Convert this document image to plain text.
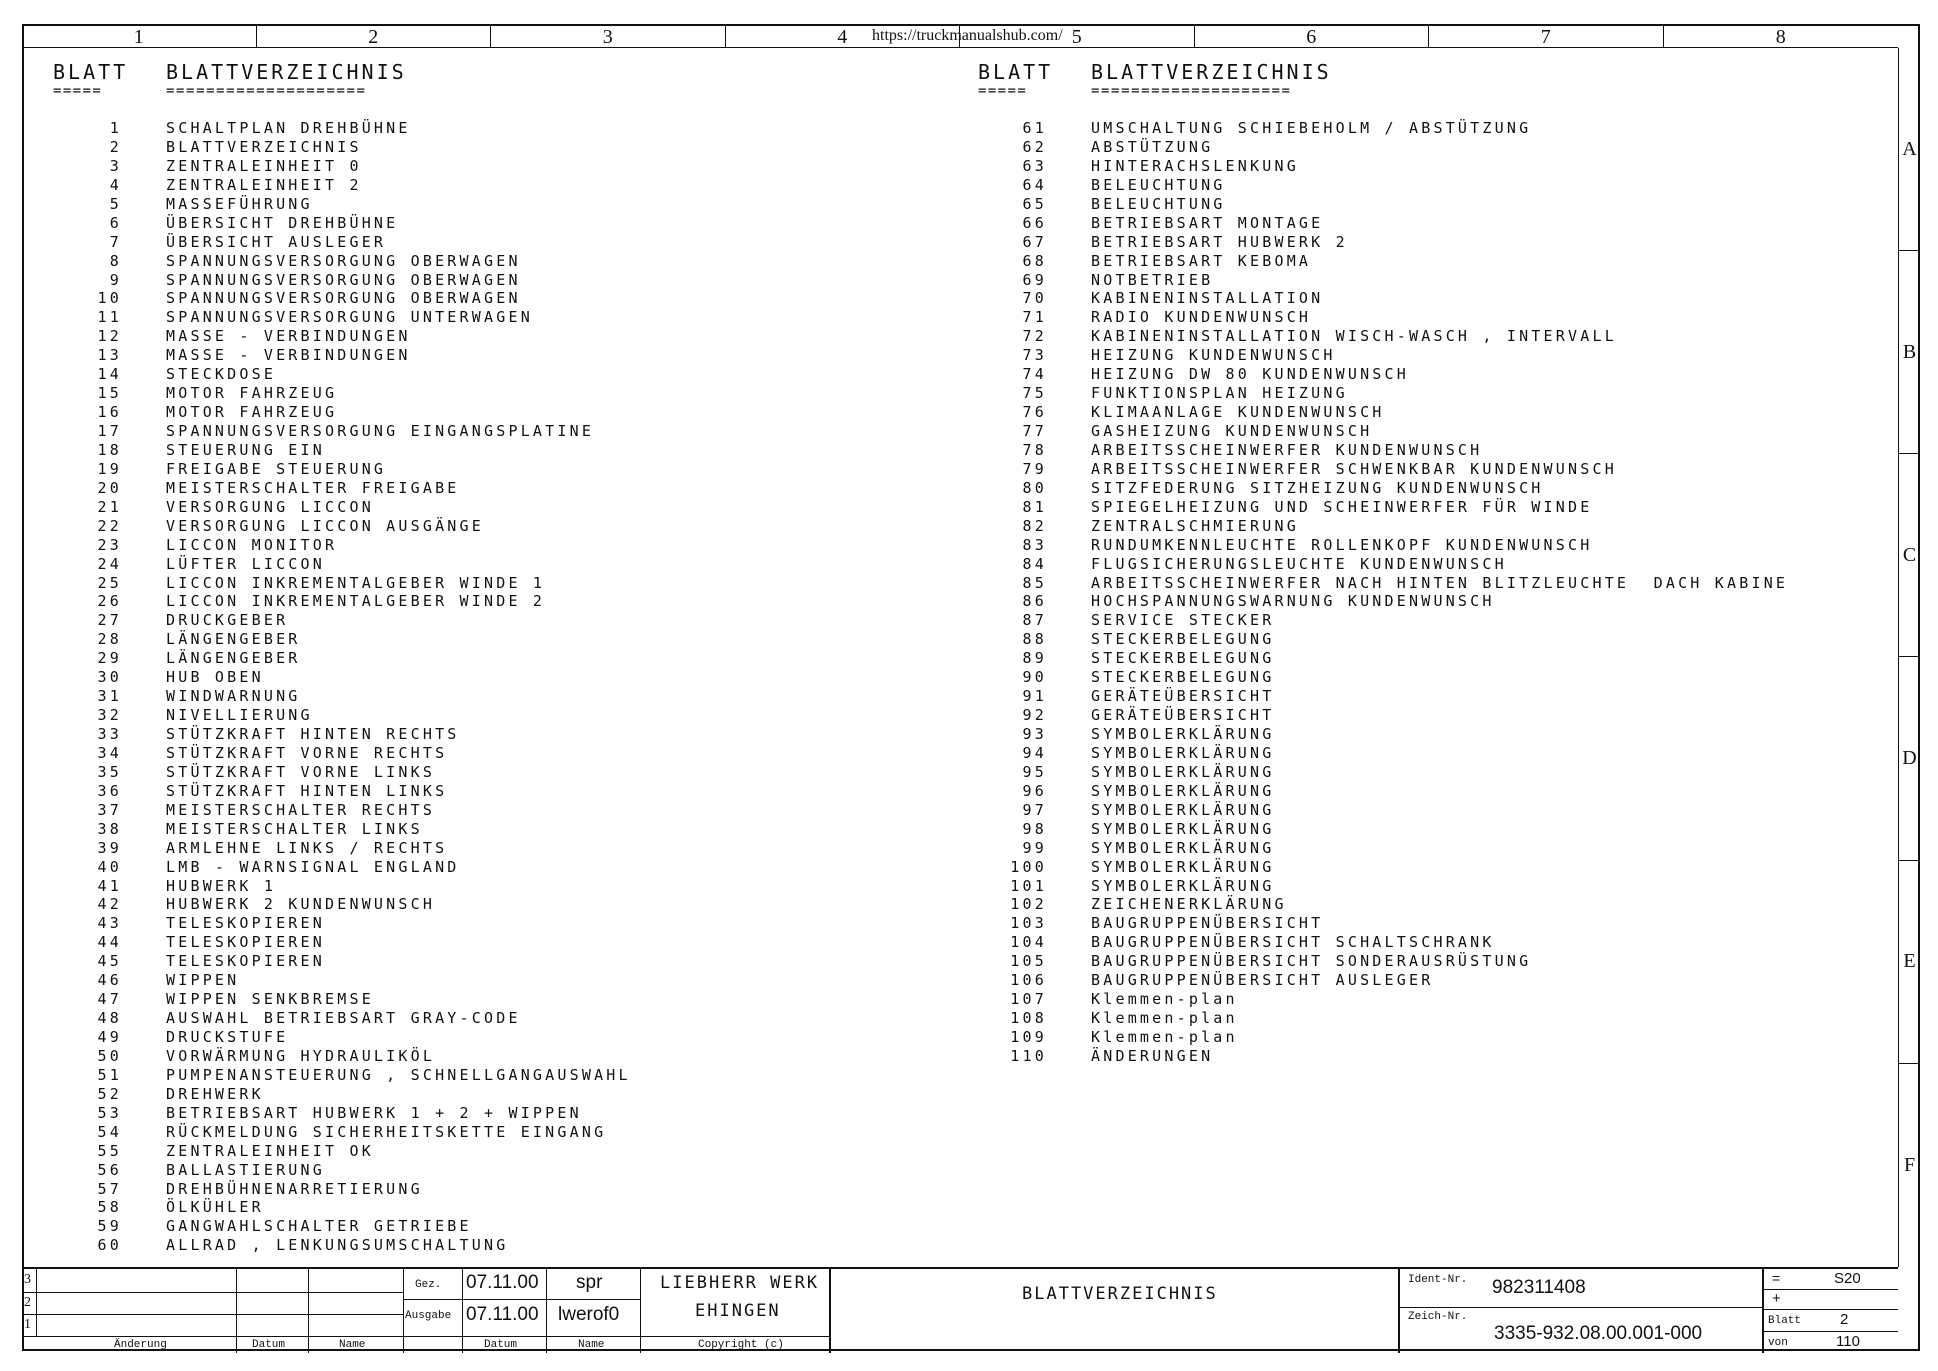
1	2	3	4	5	6	7	8
A
B
C
D
E
F
https://truckmanualshub.com/
BLATT
=====
BLATTVERZEICHNIS
====================
1	SCHALTPLAN DREHBÜHNE
2	BLATTVERZEICHNIS
3	ZENTRALEINHEIT 0
4	ZENTRALEINHEIT 2
5	MASSEFÜHRUNG
6	ÜBERSICHT DREHBÜHNE
7	ÜBERSICHT AUSLEGER
8	SPANNUNGSVERSORGUNG OBERWAGEN
9	SPANNUNGSVERSORGUNG OBERWAGEN
10	SPANNUNGSVERSORGUNG OBERWAGEN
11	SPANNUNGSVERSORGUNG UNTERWAGEN
12	MASSE - VERBINDUNGEN
13	MASSE - VERBINDUNGEN
14	STECKDOSE
15	MOTOR FAHRZEUG
16	MOTOR FAHRZEUG
17	SPANNUNGSVERSORGUNG EINGANGSPLATINE
18	STEUERUNG EIN
19	FREIGABE STEUERUNG
20	MEISTERSCHALTER FREIGABE
21	VERSORGUNG LICCON
22	VERSORGUNG LICCON AUSGÄNGE
23	LICCON MONITOR
24	LÜFTER LICCON
25	LICCON INKREMENTALGEBER WINDE 1
26	LICCON INKREMENTALGEBER WINDE 2
27	DRUCKGEBER
28	LÄNGENGEBER
29	LÄNGENGEBER
30	HUB OBEN
31	WINDWARNUNG
32	NIVELLIERUNG
33	STÜTZKRAFT HINTEN RECHTS
34	STÜTZKRAFT VORNE RECHTS
35	STÜTZKRAFT VORNE LINKS
36	STÜTZKRAFT HINTEN LINKS
37	MEISTERSCHALTER RECHTS
38	MEISTERSCHALTER LINKS
39	ARMLEHNE LINKS / RECHTS
40	LMB - WARNSIGNAL ENGLAND
41	HUBWERK 1
42	HUBWERK 2 KUNDENWUNSCH
43	TELESKOPIEREN
44	TELESKOPIEREN
45	TELESKOPIEREN
46	WIPPEN
47	WIPPEN SENKBREMSE
48	AUSWAHL BETRIEBSART GRAY-CODE
49	DRUCKSTUFE
50	VORWÄRMUNG HYDRAULIKÖL
51	PUMPENANSTEUERUNG , SCHNELLGANGAUSWAHL
52	DREHWERK
53	BETRIEBSART HUBWERK 1 + 2 + WIPPEN
54	RÜCKMELDUNG SICHERHEITSKETTE EINGANG
55	ZENTRALEINHEIT OK
56	BALLASTIERUNG
57	DREHBÜHNENARRETIERUNG
58	ÖLKÜHLER
59	GANGWAHLSCHALTER GETRIEBE
60	ALLRAD , LENKUNGSUMSCHALTUNG
BLATT
=====
BLATTVERZEICHNIS
====================
61	UMSCHALTUNG SCHIEBEHOLM / ABSTÜTZUNG
62	ABSTÜTZUNG
63	HINTERACHSLENKUNG
64	BELEUCHTUNG
65	BELEUCHTUNG
66	BETRIEBSART MONTAGE
67	BETRIEBSART HUBWERK 2
68	BETRIEBSART KEBOMA
69	NOTBETRIEB
70	KABINENINSTALLATION
71	RADIO KUNDENWUNSCH
72	KABINENINSTALLATION WISCH-WASCH , INTERVALL
73	HEIZUNG KUNDENWUNSCH
74	HEIZUNG DW 80 KUNDENWUNSCH
75	FUNKTIONSPLAN HEIZUNG
76	KLIMAANLAGE KUNDENWUNSCH
77	GASHEIZUNG KUNDENWUNSCH
78	ARBEITSSCHEINWERFER KUNDENWUNSCH
79	ARBEITSSCHEINWERFER SCHWENKBAR KUNDENWUNSCH
80	SITZFEDERUNG SITZHEIZUNG KUNDENWUNSCH
81	SPIEGELHEIZUNG UND SCHEINWERFER FÜR WINDE
82	ZENTRALSCHMIERUNG
83	RUNDUMKENNLEUCHTE ROLLENKOPF KUNDENWUNSCH
84	FLUGSICHERUNGSLEUCHTE KUNDENWUNSCH
85	ARBEITSSCHEINWERFER NACH HINTEN BLITZLEUCHTE  DACH KABINE
86	HOCHSPANNUNGSWARNUNG KUNDENWUNSCH
87	SERVICE STECKER
88	STECKERBELEGUNG
89	STECKERBELEGUNG
90	STECKERBELEGUNG
91	GERÄTEÜBERSICHT
92	GERÄTEÜBERSICHT
93	SYMBOLERKLÄRUNG
94	SYMBOLERKLÄRUNG
95	SYMBOLERKLÄRUNG
96	SYMBOLERKLÄRUNG
97	SYMBOLERKLÄRUNG
98	SYMBOLERKLÄRUNG
99	SYMBOLERKLÄRUNG
100	SYMBOLERKLÄRUNG
101	SYMBOLERKLÄRUNG
102	ZEICHENERKLÄRUNG
103	BAUGRUPPENÜBERSICHT
104	BAUGRUPPENÜBERSICHT SCHALTSCHRANK
105	BAUGRUPPENÜBERSICHT SONDERAUSRÜSTUNG
106	BAUGRUPPENÜBERSICHT AUSLEGER
107	Klemmen-plan
108	Klemmen-plan
109	Klemmen-plan
110	ÄNDERUNGEN
3
2
1
Änderung	Datum	Name
Gez.
Ausgabe
07.11.00
07.11.00
spr
lwerof0
Datum	Name
LIEBHERR WERK
EHINGEN
Copyright (c)
BLATTVERZEICHNIS
Ident-Nr. 982311408
Zeich-Nr.
3335-932.08.00.001-000
=	S20
+
Blatt	2
von	110
